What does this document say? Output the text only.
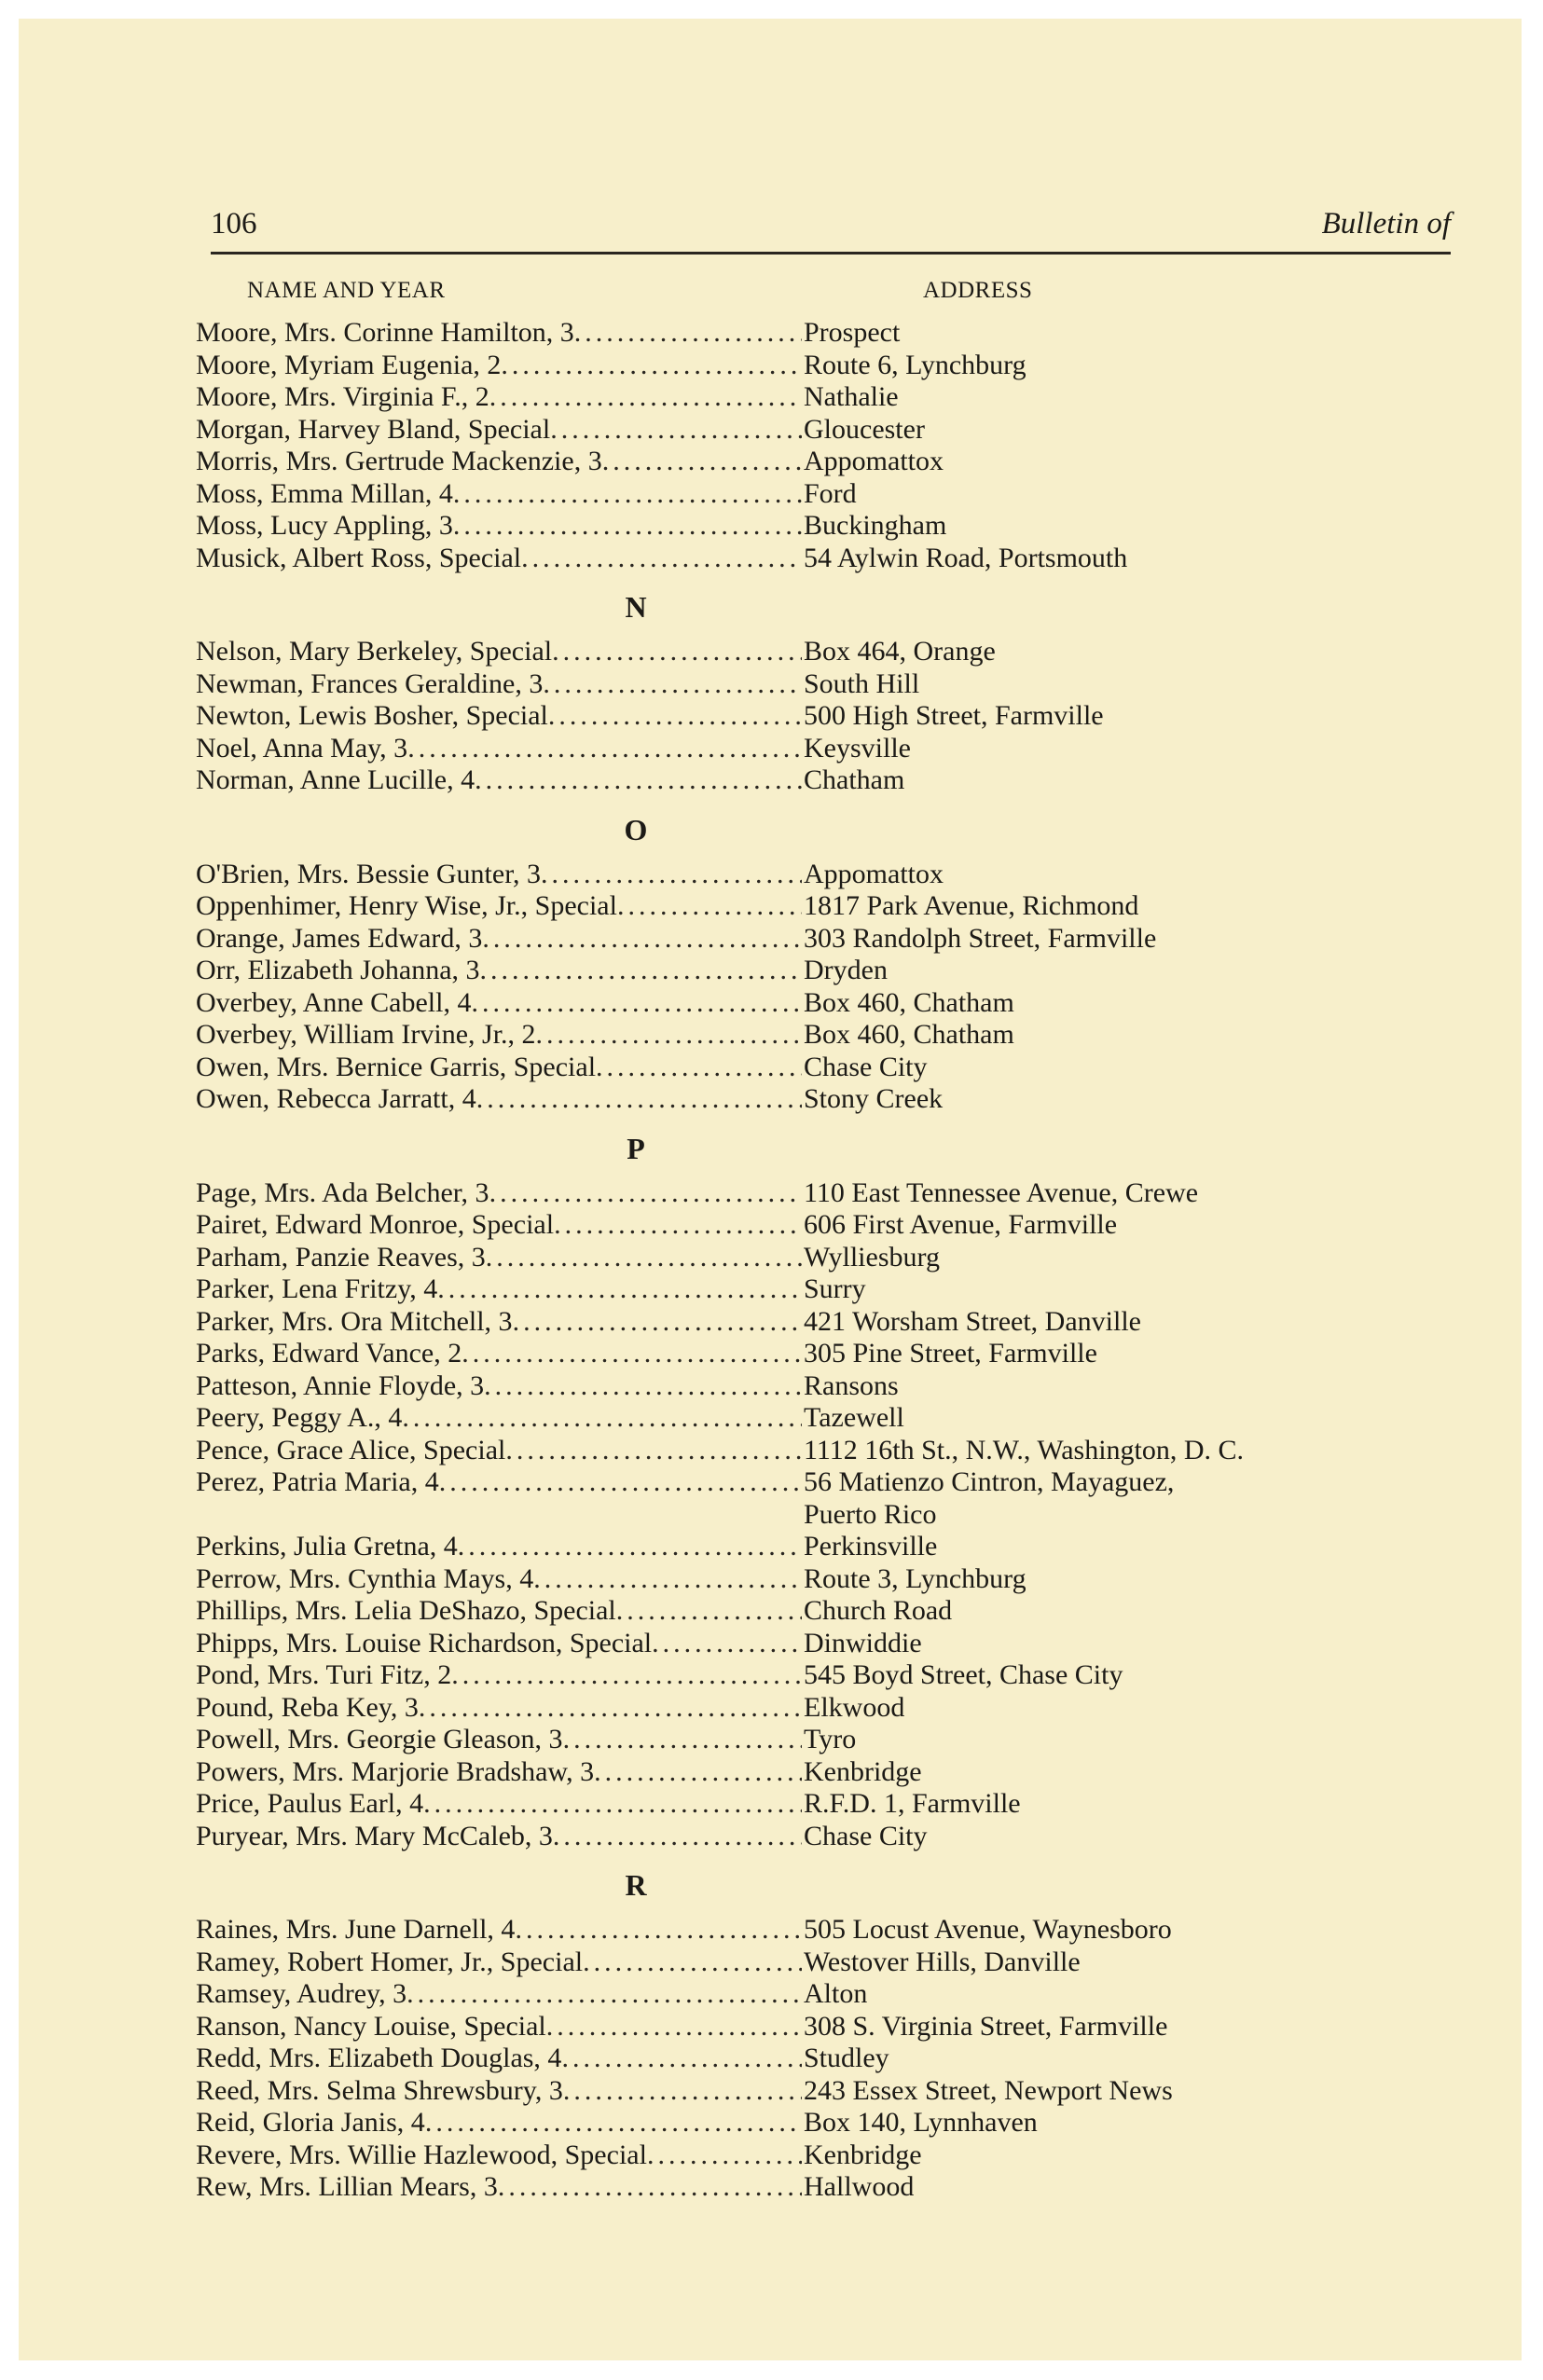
106	Bulletin of
NAME AND YEAR	ADDRESS
Moore, Mrs. Corinne Hamilton, 3 .....	Prospect
Moore, Myriam Eugenia, 2 .....	Route 6, Lynchburg
Moore, Mrs. Virginia F., 2 .....	Nathalie
Morgan, Harvey Bland, Special .....	Gloucester
Morris, Mrs. Gertrude Mackenzie, 3 .....	Appomattox
Moss, Emma Millan, 4 .....	Ford
Moss, Lucy Appling, 3 .....	Buckingham
Musick, Albert Ross, Special .....	54 Aylwin Road, Portsmouth
N
Nelson, Mary Berkeley, Special .....	Box 464, Orange
Newman, Frances Geraldine, 3 .....	South Hill
Newton, Lewis Bosher, Special .....	500 High Street, Farmville
Noel, Anna May, 3 .....	Keysville
Norman, Anne Lucille, 4 .....	Chatham
O
O'Brien, Mrs. Bessie Gunter, 3 .....	Appomattox
Oppenhimer, Henry Wise, Jr., Special .....	1817 Park Avenue, Richmond
Orange, James Edward, 3 .....	303 Randolph Street, Farmville
Orr, Elizabeth Johanna, 3 .....	Dryden
Overbey, Anne Cabell, 4 .....	Box 460, Chatham
Overbey, William Irvine, Jr., 2 .....	Box 460, Chatham
Owen, Mrs. Bernice Garris, Special .....	Chase City
Owen, Rebecca Jarratt, 4 .....	Stony Creek
P
Page, Mrs. Ada Belcher, 3 .....	110 East Tennessee Avenue, Crewe
Pairet, Edward Monroe, Special .....	606 First Avenue, Farmville
Parham, Panzie Reaves, 3 .....	Wylliesburg
Parker, Lena Fritzy, 4 .....	Surry
Parker, Mrs. Ora Mitchell, 3 .....	421 Worsham Street, Danville
Parks, Edward Vance, 2 .....	305 Pine Street, Farmville
Patteson, Annie Floyde, 3 .....	Ransons
Peery, Peggy A., 4 .....	Tazewell
Pence, Grace Alice, Special .....	1112 16th St., N.W., Washington, D. C.
Perez, Patria Maria, 4 .....	56 Matienzo Cintron, Mayaguez,
Puerto Rico
Perkins, Julia Gretna, 4 .....	Perkinsville
Perrow, Mrs. Cynthia Mays, 4 .....	Route 3, Lynchburg
Phillips, Mrs. Lelia DeShazo, Special .....	Church Road
Phipps, Mrs. Louise Richardson, Special .....	Dinwiddie
Pond, Mrs. Turi Fitz, 2 .....	545 Boyd Street, Chase City
Pound, Reba Key, 3 .....	Elkwood
Powell, Mrs. Georgie Gleason, 3 .....	Tyro
Powers, Mrs. Marjorie Bradshaw, 3 .....	Kenbridge
Price, Paulus Earl, 4 .....	R.F.D. 1, Farmville
Puryear, Mrs. Mary McCaleb, 3 .....	Chase City
R
Raines, Mrs. June Darnell, 4 .....	505 Locust Avenue, Waynesboro
Ramey, Robert Homer, Jr., Special .....	Westover Hills, Danville
Ramsey, Audrey, 3 .....	Alton
Ranson, Nancy Louise, Special .....	308 S. Virginia Street, Farmville
Redd, Mrs. Elizabeth Douglas, 4 .....	Studley
Reed, Mrs. Selma Shrewsbury, 3 .....	243 Essex Street, Newport News
Reid, Gloria Janis, 4 .....	Box 140, Lynnhaven
Revere, Mrs. Willie Hazlewood, Special .....	Kenbridge
Rew, Mrs. Lillian Mears, 3 .....	Hallwood
